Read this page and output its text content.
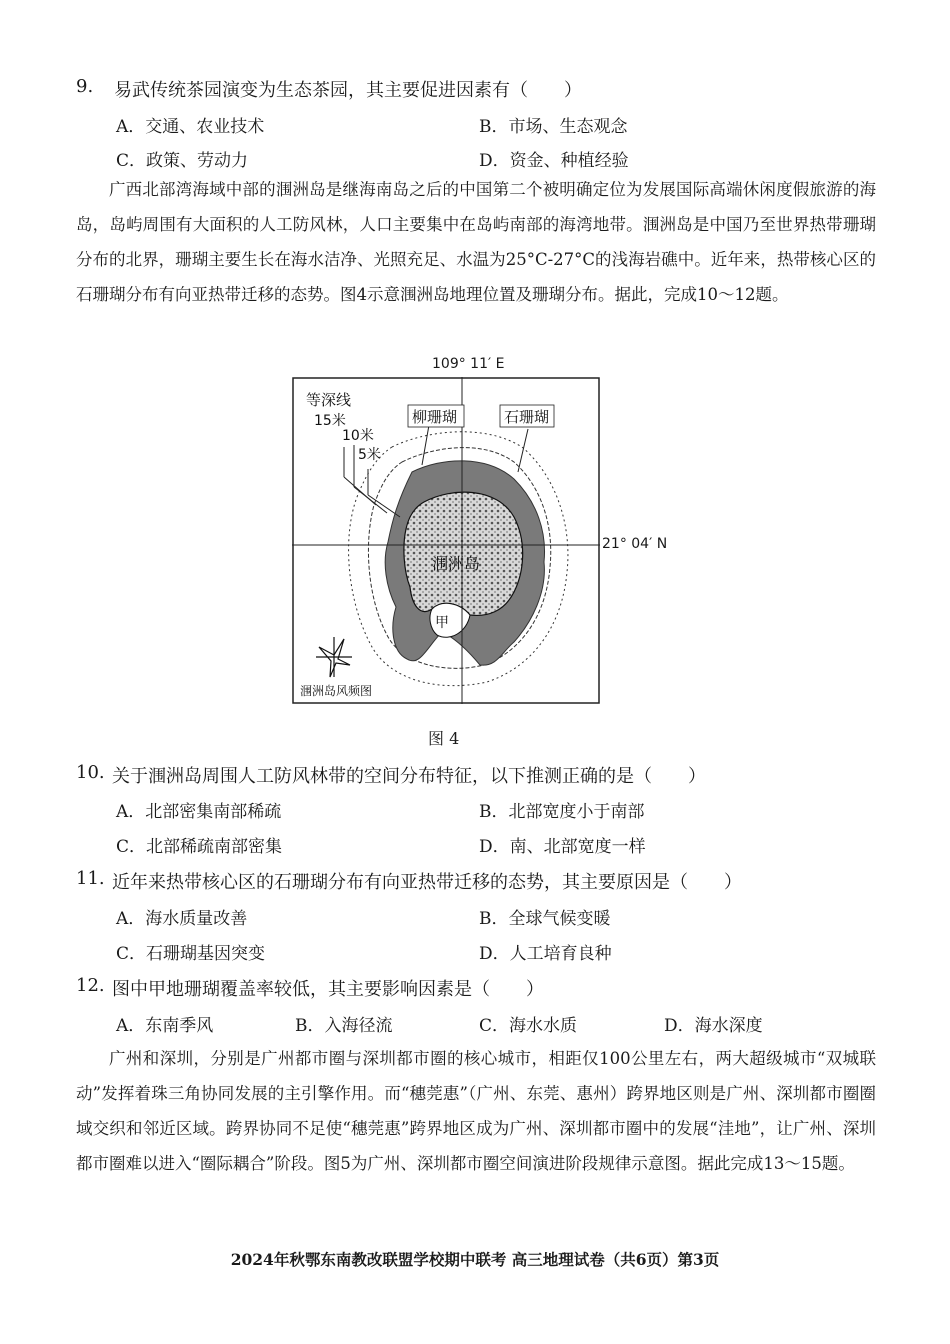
9. 易武传统茶园演变为生态茶园，其主要促进因素有（　　）
A．交通、农业技术	B．市场、生态观念
C．政策、劳动力	D．资金、种植经验
广西北部湾海域中部的涠洲岛是继海南岛之后的中国第二个被明确定位为发展国际高端休闲度假旅游的海岛，岛屿周围有大面积的人工防风林，人口主要集中在岛屿南部的海湾地带。涠洲岛是中国乃至世界热带珊瑚分布的北界，珊瑚主要生长在海水洁净、光照充足、水温为25°C-27°C的浅海岩礁中。近年来，热带核心区的石珊瑚分布有向亚热带迁移的态势。图4示意涠洲岛地理位置及珊瑚分布。据此，完成10～12题。
109° 11′ E
等深线
15米
10米
5米
柳珊瑚	石珊瑚
涠洲岛
甲
涠洲岛风频图
21° 04′ N
图 4
10. 关于涠洲岛周围人工防风林带的空间分布特征，以下推测正确的是（　　）
A．北部密集南部稀疏	B．北部宽度小于南部
C．北部稀疏南部密集	D．南、北部宽度一样
11. 近年来热带核心区的石珊瑚分布有向亚热带迁移的态势，其主要原因是（　　）
A．海水质量改善	B．全球气候变暖
C．石珊瑚基因突变	D．人工培育良种
12. 图中甲地珊瑚覆盖率较低，其主要影响因素是（　　）
A．东南季风	B．入海径流	C．海水水质	D．海水深度
广州和深圳，分别是广州都市圈与深圳都市圈的核心城市，相距仅100公里左右，两大超级城市“双城联动”发挥着珠三角协同发展的主引擎作用。而“穗莞惠”（广州、东莞、惠州）跨界地区则是广州、深圳都市圈圈域交织和邻近区域。跨界协同不足使“穗莞惠”跨界地区成为广州、深圳都市圈中的发展“洼地”，让广州、深圳都市圈难以进入“圈际耦合”阶段。图5为广州、深圳都市圈空间演进阶段规律示意图。据此完成13～15题。
2024年秋鄂东南教改联盟学校期中联考 高三地理试卷（共6页）第3页
